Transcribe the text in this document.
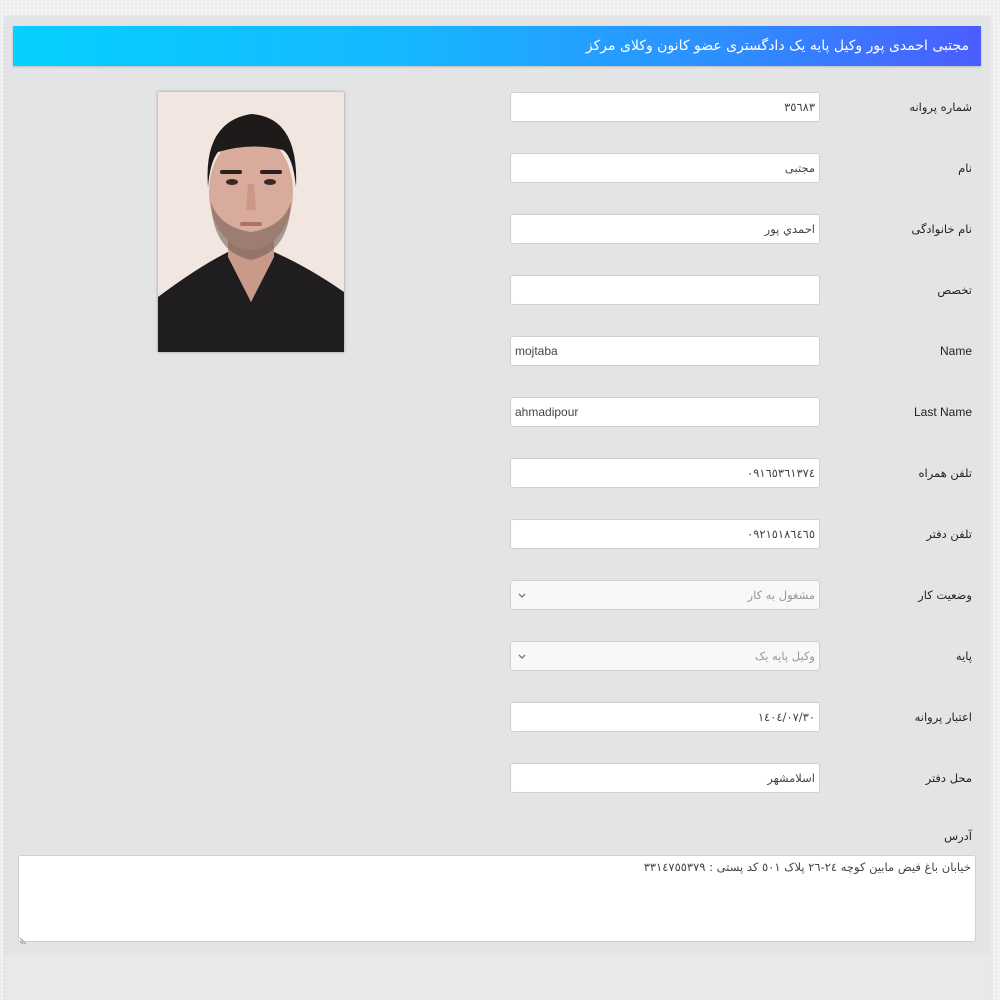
مجتبی احمدی پور وکیل پایه یک دادگستری عضو کانون وکلای مرکز
شماره پروانه
٣٥٦٨٣
نام
مجتبی
نام خانوادگی
احمدي پور
تخصص
Name
mojtaba
Last Name
ahmadipour
تلفن همراه
٠٩١٦٥٣٦١٣٧٤
تلفن دفتر
٠٩٢١٥١٨٦٤٦٥
وضعیت کار
مشغول به کار
پایه
وکیل پایه یک
اعتبار پروانه
١٤٠٤/٠٧/٣٠
محل دفتر
اسلامشهر
آدرس
خیابان باغ فیض مابین کوچه ٢٤-٢٦ پلاک ٥٠١ کد پستی : ٣٣١٤٧٥٥٣٧٩
